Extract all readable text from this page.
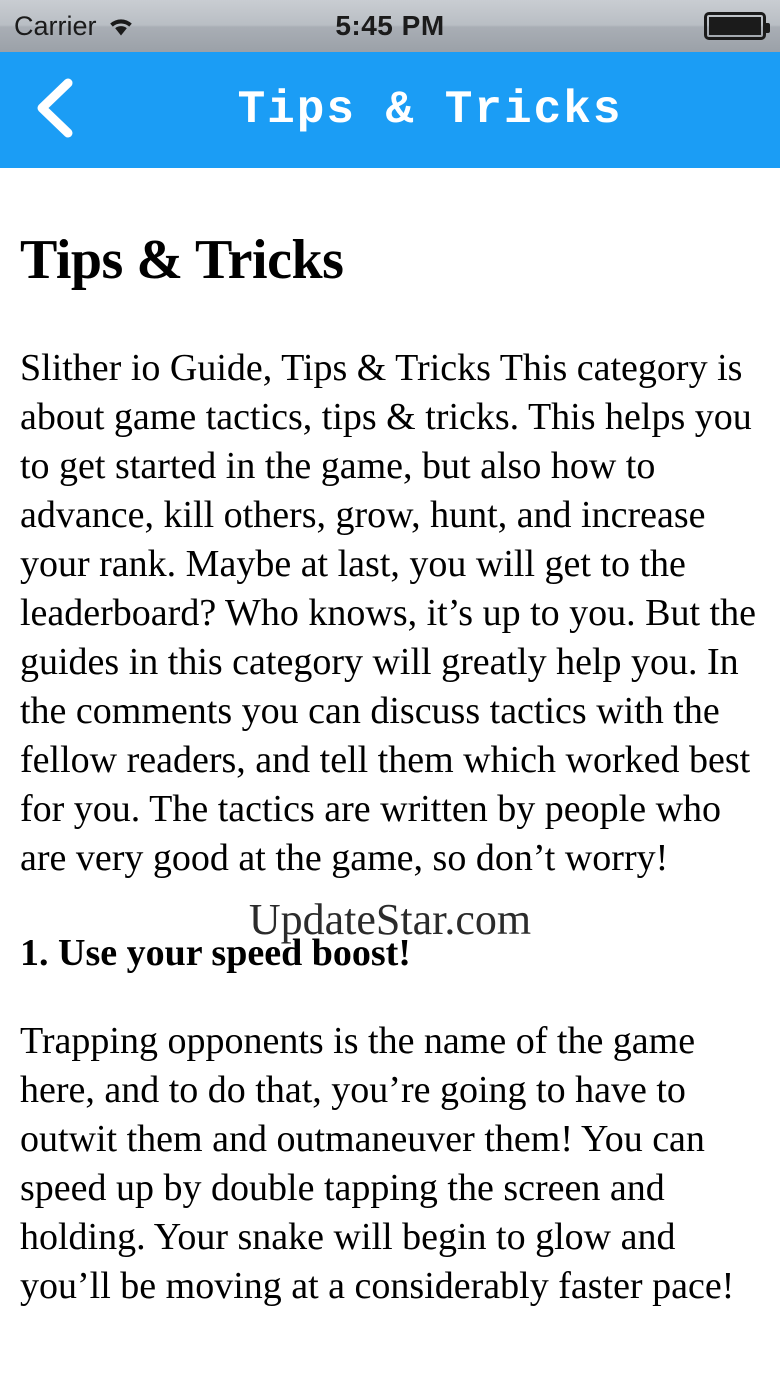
Carrier	5:45 PM
Tips & Tricks
Tips & Tricks

Slither io Guide, Tips & Tricks This category is about game tactics, tips & tricks. This helps you to get started in the game, but also how to advance, kill others, grow, hunt, and increase your rank. Maybe at last, you will get to the leaderboard? Who knows, it’s up to you. But the guides in this category will greatly help you. In the comments you can discuss tactics with the fellow readers, and tell them which worked best for you. The tactics are written by people who are very good at the game, so don’t worry!

1. Use your speed boost!

Trapping opponents is the name of the game here, and to do that, you’re going to have to outwit them and outmaneuver them! You can speed up by double tapping the screen and holding. Your snake will begin to glow and you’ll be moving at a considerably faster pace!

UpdateStar.com
